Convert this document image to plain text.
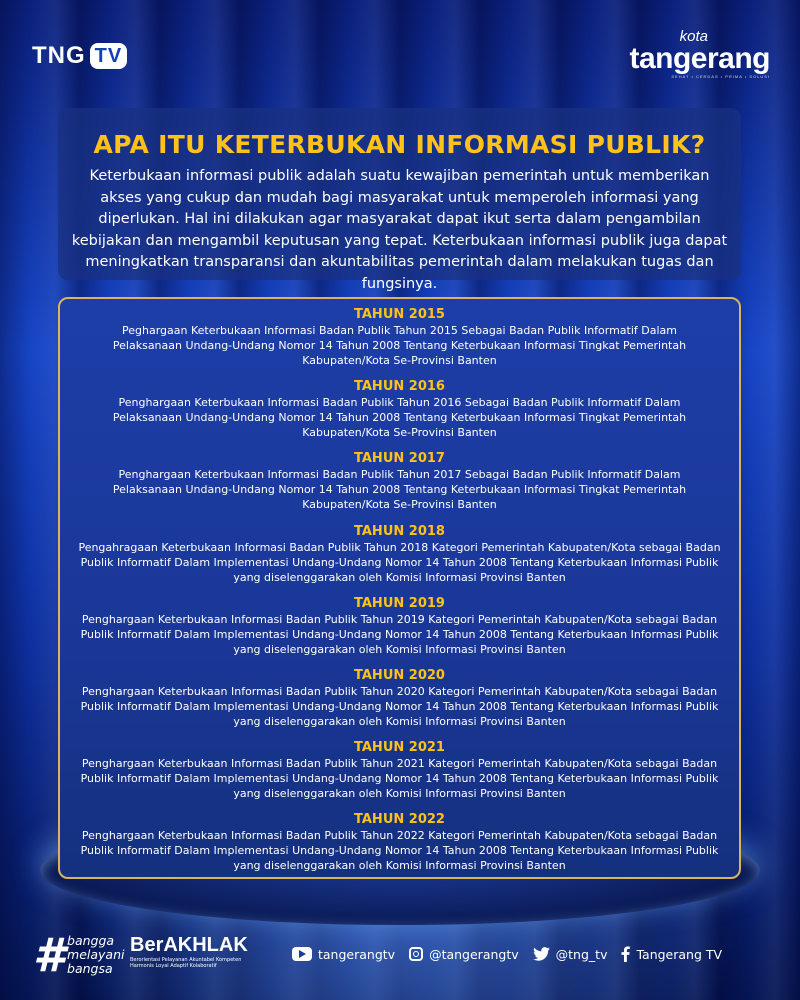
TNG TV
kota
tangerang
SEHAT • CERDAS • PRIMA • SOLUSI
APA ITU KETERBUKAN INFORMASI PUBLIK?
Keterbukaan informasi publik adalah suatu kewajiban pemerintah untuk memberikan akses yang cukup dan mudah bagi masyarakat untuk memperoleh informasi yang diperlukan. Hal ini dilakukan agar masyarakat dapat ikut serta dalam pengambilan kebijakan dan mengambil keputusan yang tepat. Keterbukaan informasi publik juga dapat meningkatkan transparansi dan akuntabilitas pemerintah dalam melakukan tugas dan fungsinya.
TAHUN 2015
Peghargaan Keterbukaan Informasi Badan Publik Tahun 2015 Sebagai Badan Publik Informatif Dalam Pelaksanaan Undang-Undang Nomor 14 Tahun 2008 Tentang Keterbukaan Informasi Tingkat Pemerintah Kabupaten/Kota Se-Provinsi Banten
TAHUN 2016
Penghargaan Keterbukaan Informasi Badan Publik Tahun 2016 Sebagai Badan Publik Informatif Dalam Pelaksanaan Undang-Undang Nomor 14 Tahun 2008 Tentang Keterbukaan Informasi Tingkat Pemerintah Kabupaten/Kota Se-Provinsi Banten
TAHUN 2017
Penghargaan Keterbukaan Informasi Badan Publik Tahun 2017 Sebagai Badan Publik Informatif Dalam Pelaksanaan Undang-Undang Nomor 14 Tahun 2008 Tentang Keterbukaan Informasi Tingkat Pemerintah Kabupaten/Kota Se-Provinsi Banten
TAHUN 2018
Pengahragaan Keterbukaan Informasi Badan Publik Tahun 2018 Kategori Pemerintah Kabupaten/Kota sebagai Badan Publik Informatif Dalam Implementasi Undang-Undang Nomor 14 Tahun 2008 Tentang Keterbukaan Informasi Publik yang diselenggarakan oleh Komisi Informasi Provinsi Banten
TAHUN 2019
Penghargaan Keterbukaan Informasi Badan Publik Tahun 2019 Kategori Pemerintah Kabupaten/Kota sebagai Badan Publik Informatif Dalam Implementasi Undang-Undang Nomor 14 Tahun 2008 Tentang Keterbukaan Informasi Publik yang diselenggarakan oleh Komisi Informasi Provinsi Banten
TAHUN 2020
Penghargaan Keterbukaan Informasi Badan Publik Tahun 2020 Kategori Pemerintah Kabupaten/Kota sebagai Badan Publik Informatif Dalam Implementasi Undang-Undang Nomor 14 Tahun 2008 Tentang Keterbukaan Informasi Publik yang diselenggarakan oleh Komisi Informasi Provinsi Banten
TAHUN 2021
Penghargaan Keterbukaan Informasi Badan Publik Tahun 2021 Kategori Pemerintah Kabupaten/Kota sebagai Badan Publik Informatif Dalam Implementasi Undang-Undang Nomor 14 Tahun 2008 Tentang Keterbukaan Informasi Publik yang diselenggarakan oleh Komisi Informasi Provinsi Banten
TAHUN 2022
Penghargaan Keterbukaan Informasi Badan Publik Tahun 2022 Kategori Pemerintah Kabupaten/Kota sebagai Badan Publik Informatif Dalam Implementasi Undang-Undang Nomor 14 Tahun 2008 Tentang Keterbukaan Informasi Publik yang diselenggarakan oleh Komisi Informasi Provinsi Banten
# bangga
melayani
bangsa
BerAKHLAK
Berorientasi Pelayanan Akuntabel Kompeten Harmonis Loyal Adaptif Kolaboratif
tangerangtv	@tangerangtv	@tng_tv Tangerang TV
